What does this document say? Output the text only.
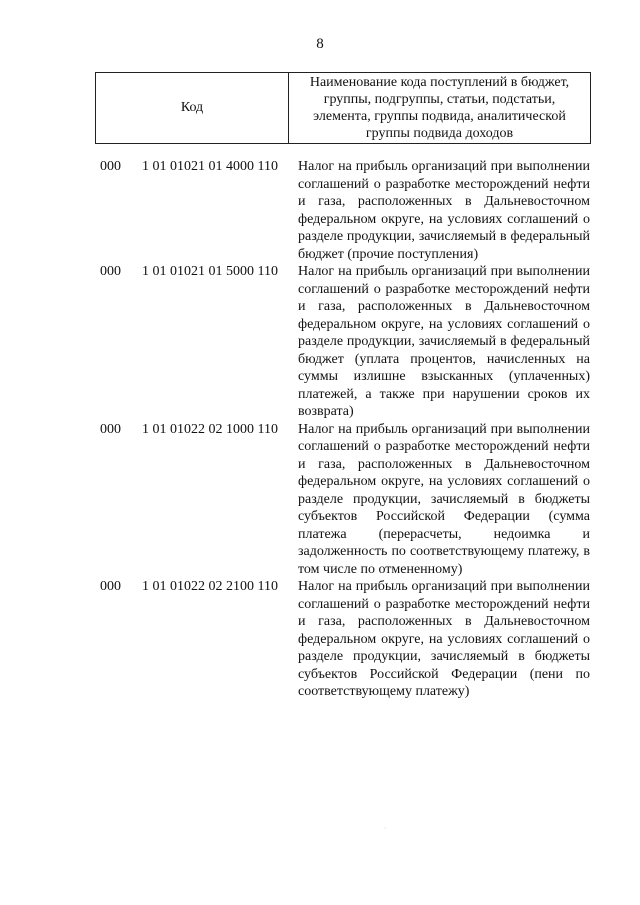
8
Код
Наименование кода поступлений в бюджет, группы, подгруппы, статьи, подстатьи, элемента, группы подвида, аналитической группы подвида доходов
000	1 01 01021 01 4000 110	Налог на прибыль организаций при выполнении соглашений о разработке месторождений нефти и газа, расположенных в Дальневосточном федеральном округе, на условиях соглашений о разделе продукции, зачисляемый в федеральный бюджет (прочие поступления)
000	1 01 01021 01 5000 110	Налог на прибыль организаций при выполнении соглашений о разработке месторождений нефти и газа, расположенных в Дальневосточном федеральном округе, на условиях соглашений о разделе продукции, зачисляемый в федеральный бюджет (уплата процентов, начисленных на суммы излишне взысканных (уплаченных) платежей, а также при нарушении сроков их возврата)
000	1 01 01022 02 1000 110	Налог на прибыль организаций при выполнении соглашений о разработке месторождений нефти и газа, расположенных в Дальневосточном федеральном округе, на условиях соглашений о разделе продукции, зачисляемый в бюджеты субъектов Российской Федерации (сумма платежа (перерасчеты, недоимка и задолженность по соответствующему платежу, в том числе по отмененному)
000	1 01 01022 02 2100 110	Налог на прибыль организаций при выполнении соглашений о разработке месторождений нефти и газа, расположенных в Дальневосточном федеральном округе, на условиях соглашений о разделе продукции, зачисляемый в бюджеты субъектов Российской Федерации (пени по соответствующему платежу)
·
